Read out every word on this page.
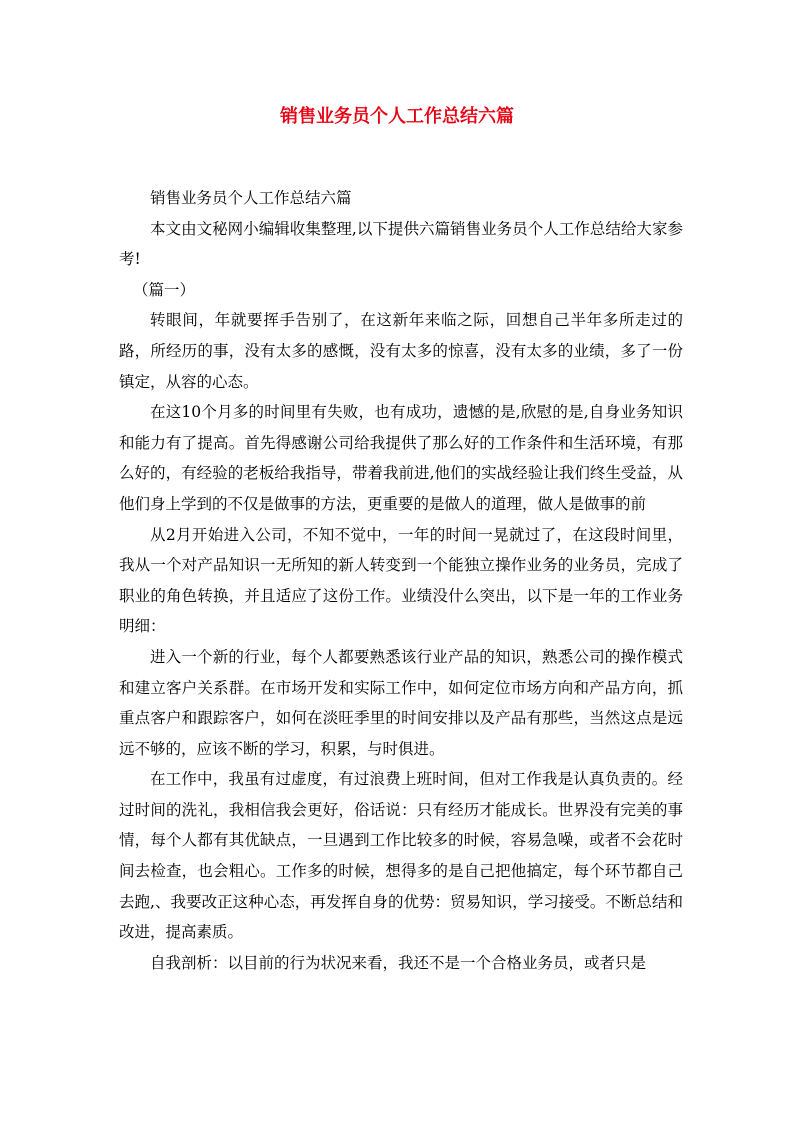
销售业务员个人工作总结六篇

销售业务员个人工作总结六篇

本文由文秘网小编辑收集整理,以下提供六篇销售业务员个人工作总结给大家参考!

（篇一）

转眼间，年就要挥手告别了，在这新年来临之际，回想自己半年多所走过的路，所经历的事，没有太多的感慨，没有太多的惊喜，没有太多的业绩，多了一份镇定，从容的心态。

在这10个月多的时间里有失败，也有成功，遗憾的是,欣慰的是,自身业务知识和能力有了提高。首先得感谢公司给我提供了那么好的工作条件和生活环境，有那么好的，有经验的老板给我指导，带着我前进,他们的实战经验让我们终生受益，从他们身上学到的不仅是做事的方法，更重要的是做人的道理，做人是做事的前

从2月开始进入公司，不知不觉中，一年的时间一晃就过了，在这段时间里，我从一个对产品知识一无所知的新人转变到一个能独立操作业务的业务员，完成了职业的角色转换，并且适应了这份工作。业绩没什么突出，以下是一年的工作业务明细：

进入一个新的行业，每个人都要熟悉该行业产品的知识，熟悉公司的操作模式和建立客户关系群。在市场开发和实际工作中，如何定位市场方向和产品方向，抓重点客户和跟踪客户，如何在淡旺季里的时间安排以及产品有那些，当然这点是远远不够的，应该不断的学习，积累，与时俱进。

在工作中，我虽有过虚度，有过浪费上班时间，但对工作我是认真负责的。经过时间的洗礼，我相信我会更好，俗话说：只有经历才能成长。世界没有完美的事情，每个人都有其优缺点，一旦遇到工作比较多的时候，容易急噪，或者不会花时间去检查，也会粗心。工作多的时候，想得多的是自己把他搞定，每个环节都自己去跑,、我要改正这种心态，再发挥自身的优势：贸易知识，学习接受。不断总结和改进，提高素质。

自我剖析：以目前的行为状况来看，我还不是一个合格业务员，或者只是
